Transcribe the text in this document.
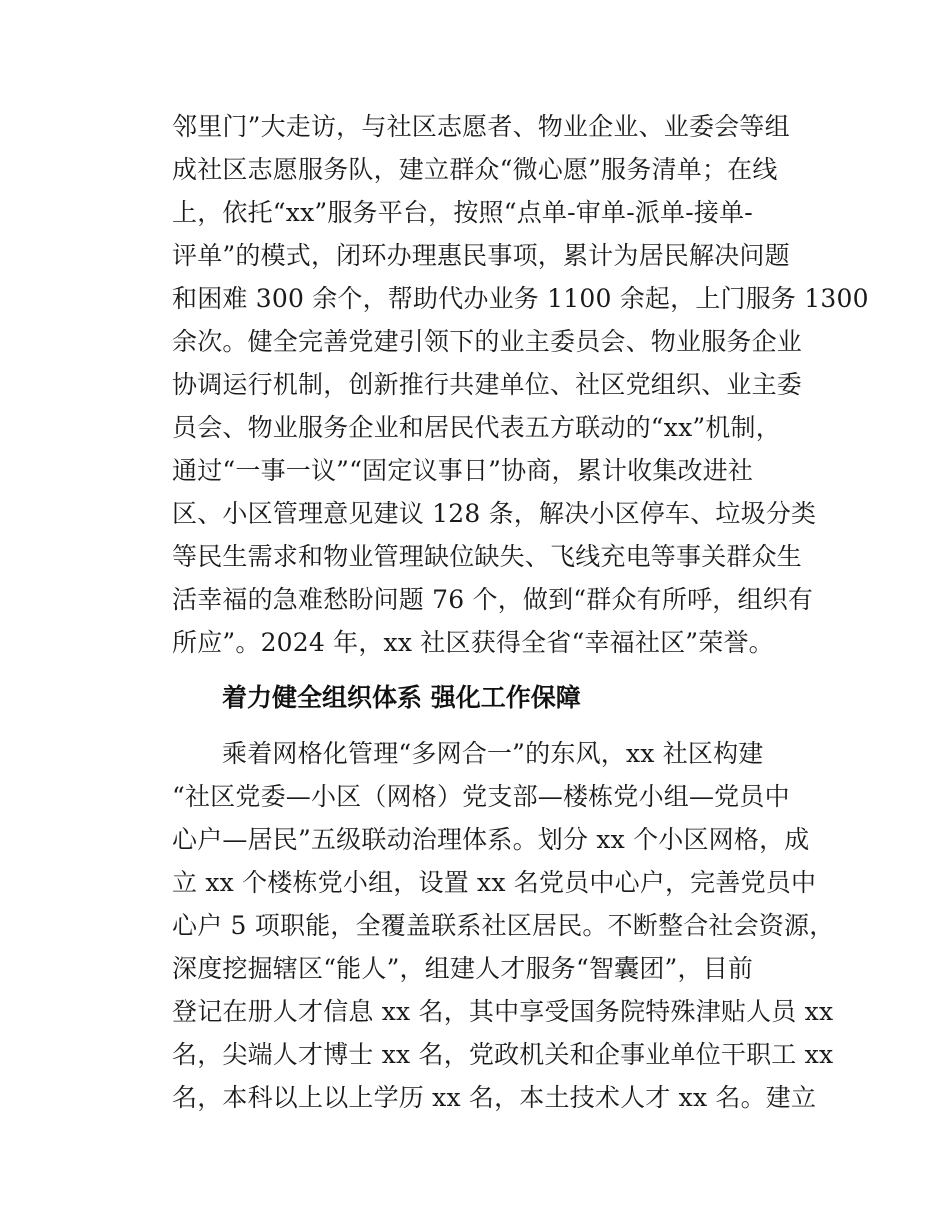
邻里门”大走访，与社区志愿者、物业企业、业委会等组
成社区志愿服务队，建立群众“微心愿”服务清单；在线
上，依托“xx”服务平台，按照“点单-审单-派单-接单-
评单”的模式，闭环办理惠民事项，累计为居民解决问题
和困难 300 余个，帮助代办业务 1100 余起，上门服务 1300
余次。健全完善党建引领下的业主委员会、物业服务企业
协调运行机制，创新推行共建单位、社区党组织、业主委
员会、物业服务企业和居民代表五方联动的“xx”机制，
通过“一事一议”“固定议事日”协商，累计收集改进社
区、小区管理意见建议 128 条，解决小区停车、垃圾分类
等民生需求和物业管理缺位缺失、飞线充电等事关群众生
活幸福的急难愁盼问题 76 个，做到“群众有所呼，组织有
所应”。2024 年，xx 社区获得全省“幸福社区”荣誉。
着力健全组织体系 强化工作保障
乘着网格化管理“多网合一”的东风，xx 社区构建
“社区党委—小区（网格）党支部—楼栋党小组—党员中
心户—居民”五级联动治理体系。划分 xx 个小区网格，成
立 xx 个楼栋党小组，设置 xx 名党员中心户，完善党员中
心户 5 项职能，全覆盖联系社区居民。不断整合社会资源，
深度挖掘辖区“能人”，组建人才服务“智囊团”，目前
登记在册人才信息 xx 名，其中享受国务院特殊津贴人员 xx
名，尖端人才博士 xx 名，党政机关和企事业单位干职工 xx
名，本科以上以上学历 xx 名，本土技术人才 xx 名。建立
